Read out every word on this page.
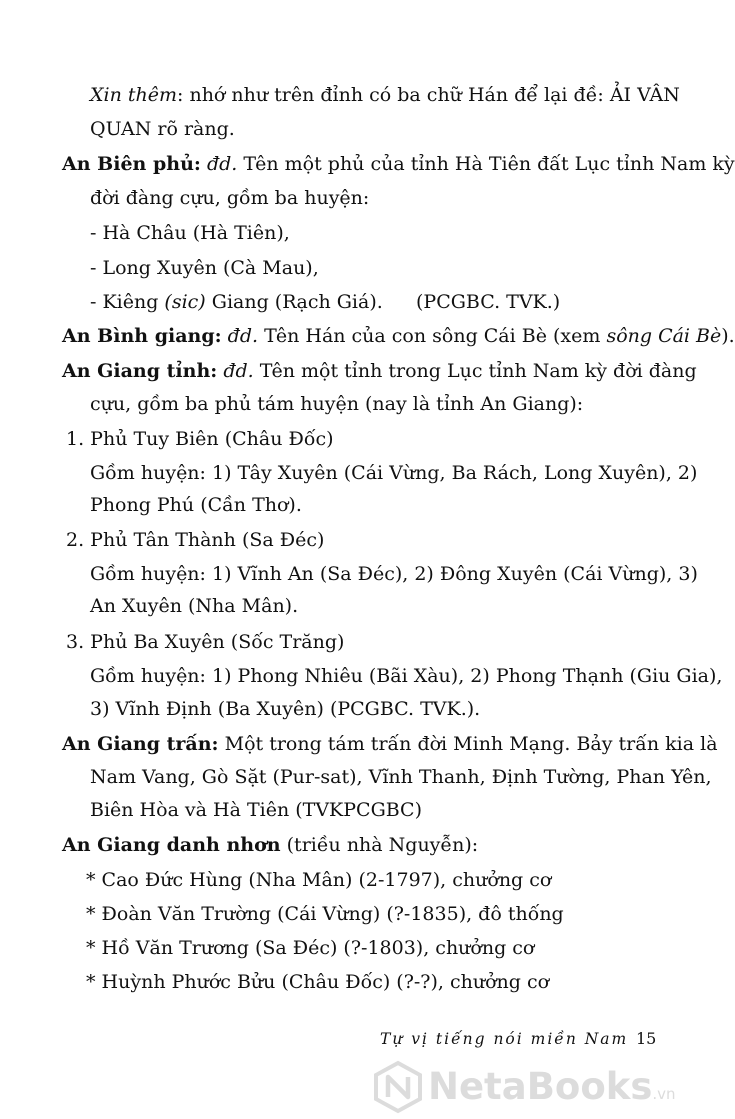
Xin thêm: nhớ như trên đỉnh có ba chữ Hán để lại đề: ẢI VÂN
QUAN rõ ràng.
An Biên phủ: đd. Tên một phủ của tỉnh Hà Tiên đất Lục tỉnh Nam kỳ
đời đàng cựu, gồm ba huyện:
- Hà Châu (Hà Tiên),
- Long Xuyên (Cà Mau),
- Kiêng (sic) Giang (Rạch Giá). (PCGBC. TVK.)
An Bình giang: đd. Tên Hán của con sông Cái Bè (xem sông Cái Bè).
An Giang tỉnh: đd. Tên một tỉnh trong Lục tỉnh Nam kỳ đời đàng
cựu, gồm ba phủ tám huyện (nay là tỉnh An Giang):
1. Phủ Tuy Biên (Châu Đốc)
Gồm huyện: 1) Tây Xuyên (Cái Vừng, Ba Rách, Long Xuyên), 2)
Phong Phú (Cần Thơ).
2. Phủ Tân Thành (Sa Đéc)
Gồm huyện: 1) Vĩnh An (Sa Đéc), 2) Đông Xuyên (Cái Vừng), 3)
An Xuyên (Nha Mân).
3. Phủ Ba Xuyên (Sốc Trăng)
Gồm huyện: 1) Phong Nhiêu (Bãi Xàu), 2) Phong Thạnh (Giu Gia),
3) Vĩnh Định (Ba Xuyên) (PCGBC. TVK.).
An Giang trấn: Một trong tám trấn đời Minh Mạng. Bảy trấn kia là
Nam Vang, Gò Sặt (Pur-sat), Vĩnh Thanh, Định Tường, Phan Yên,
Biên Hòa và Hà Tiên (TVKPCGBC)
An Giang danh nhơn (triều nhà Nguyễn):
* Cao Đức Hùng (Nha Mân) (2-1797), chưởng cơ
* Đoàn Văn Trường (Cái Vừng) (?-1835), đô thống
* Hồ Văn Trương (Sa Đéc) (?-1803), chưởng cơ
* Huỳnh Phước Bửu (Châu Đốc) (?-?), chưởng cơ
Tự vị tiếng nói miền Nam 15
NetaBooks.vn
